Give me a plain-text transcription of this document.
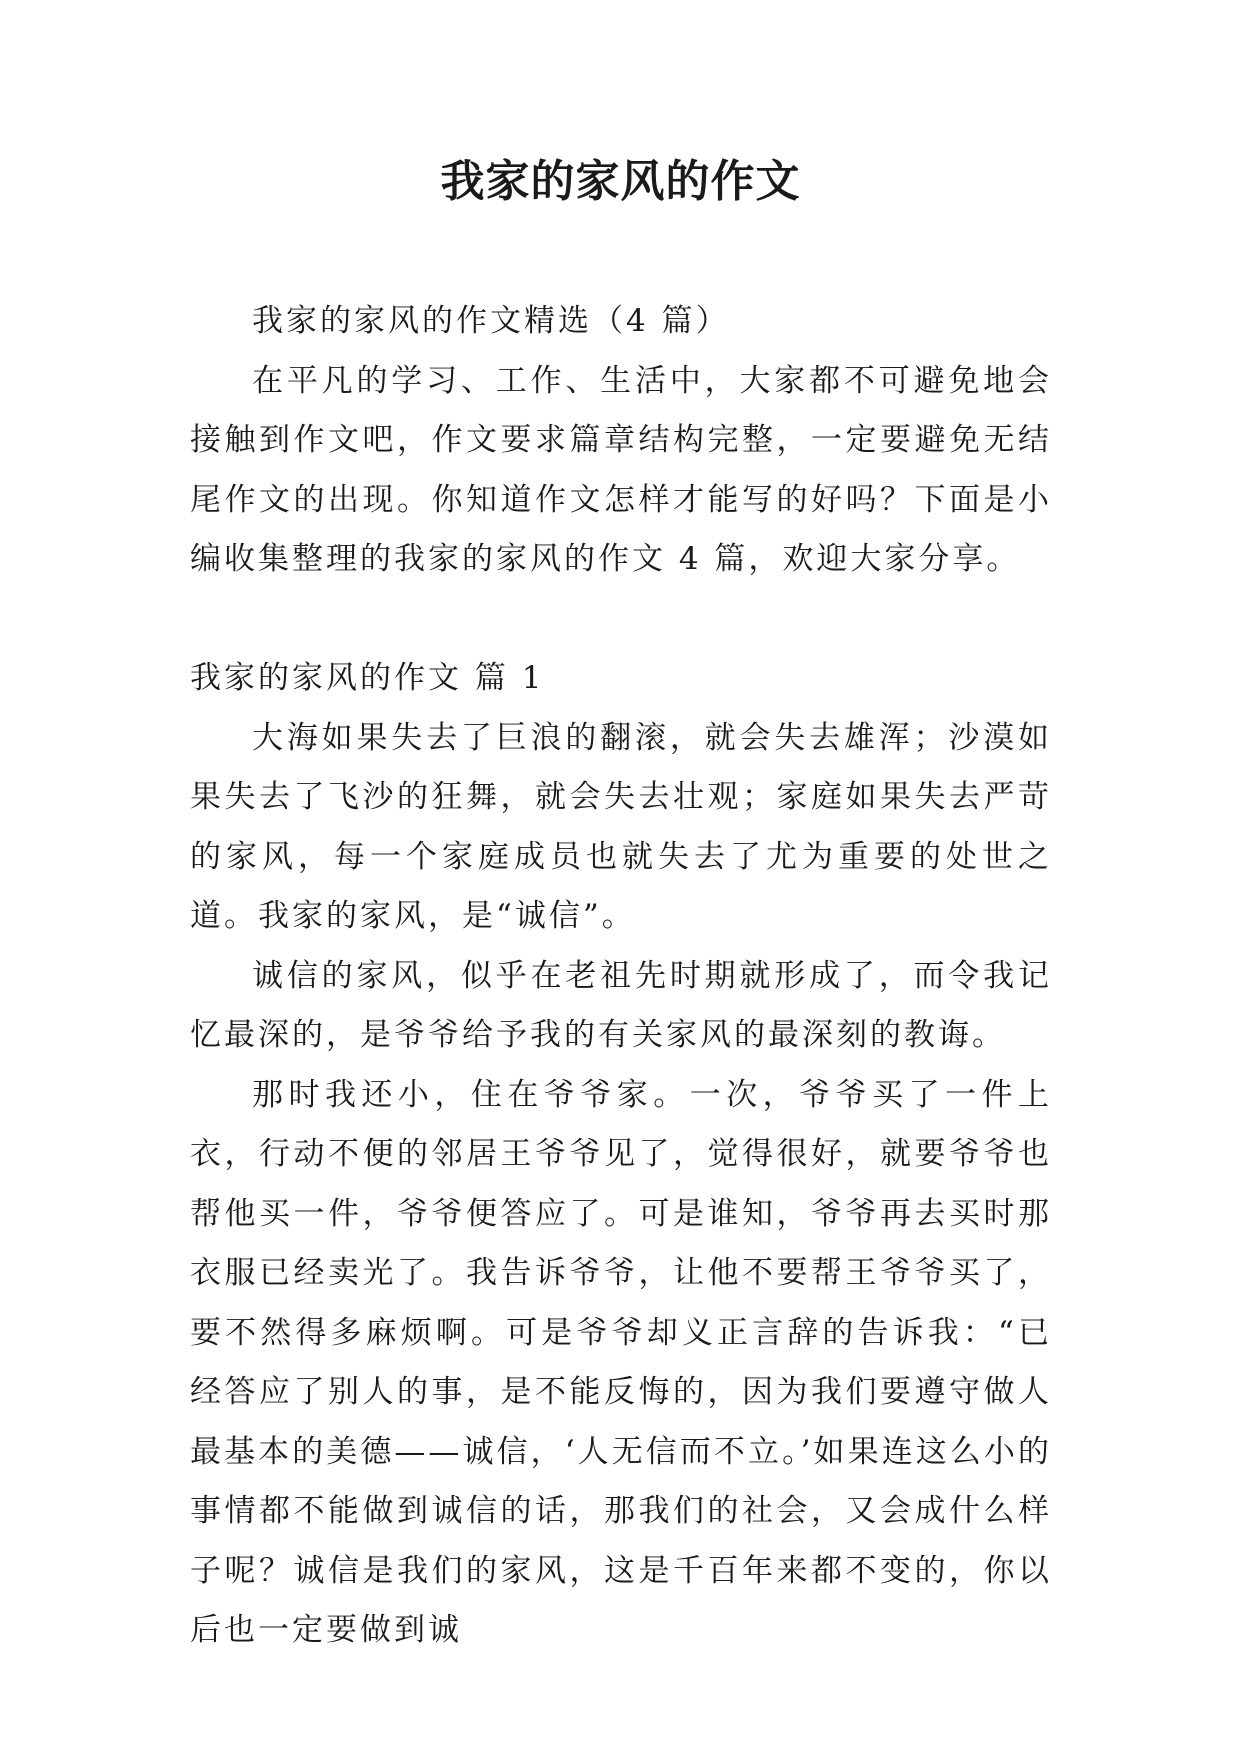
我家的家风的作文

我家的家风的作文精选（4 篇）

在平凡的学习、工作、生活中，大家都不可避免地会接触到作文吧，作文要求篇章结构完整，一定要避免无结尾作文的出现。你知道作文怎样才能写的好吗？下面是小编收集整理的我家的家风的作文 4 篇，欢迎大家分享。

我家的家风的作文 篇 1

大海如果失去了巨浪的翻滚，就会失去雄浑；沙漠如果失去了飞沙的狂舞，就会失去壮观；家庭如果失去严苛的家风，每一个家庭成员也就失去了尤为重要的处世之道。我家的家风，是“诚信”。

诚信的家风，似乎在老祖先时期就形成了，而令我记忆最深的，是爷爷给予我的有关家风的最深刻的教诲。

那时我还小，住在爷爷家。一次，爷爷买了一件上衣，行动不便的邻居王爷爷见了，觉得很好，就要爷爷也帮他买一件，爷爷便答应了。可是谁知，爷爷再去买时那衣服已经卖光了。我告诉爷爷，让他不要帮王爷爷买了，要不然得多麻烦啊。可是爷爷却义正言辞的告诉我：“已经答应了别人的事，是不能反悔的，因为我们要遵守做人最基本的美德——诚信，‘人无信而不立。’如果连这么小的事情都不能做到诚信的话，那我们的社会，又会成什么样子呢？诚信是我们的家风，这是千百年来都不变的，你以后也一定要做到诚
